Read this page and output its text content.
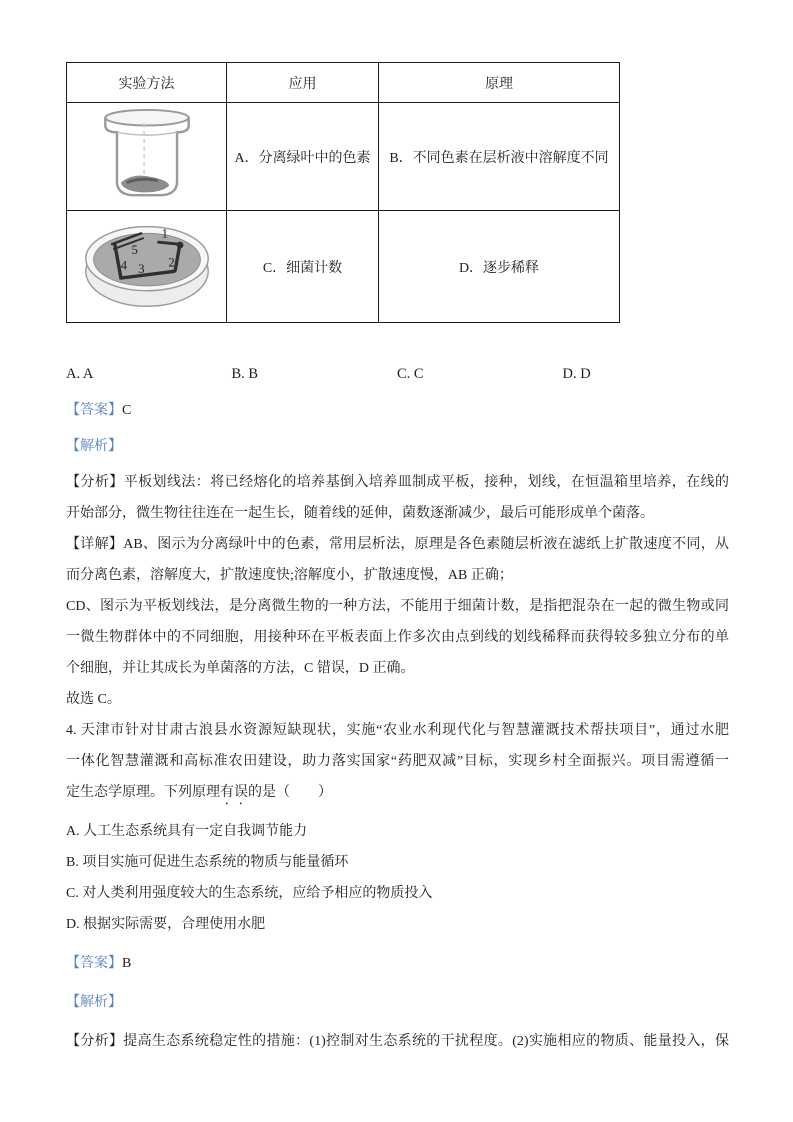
实验方法	应用	原理
	A．分离绿叶中的色素	B．不同色素在层析液中溶解度不同

1
2
3
4
5	C．细菌计数	D．逐步稀释
A. A	B. B	C. C	D. D
【答案】C
【解析】
【分析】平板划线法：将已经熔化的培养基倒入培养皿制成平板，接种，划线，在恒温箱里培养，在线的
开始部分，微生物往往连在一起生长，随着线的延伸，菌数逐渐减少，最后可能形成单个菌落。
【详解】AB、图示为分离绿叶中的色素，常用层析法，原理是各色素随层析液在滤纸上扩散速度不同，从
而分离色素，溶解度大，扩散速度快;溶解度小，扩散速度慢，AB 正确；
CD、图示为平板划线法，是分离微生物的一种方法，不能用于细菌计数，是指把混杂在一起的微生物或同
一微生物群体中的不同细胞，用接种环在平板表面上作多次由点到线的划线稀释而获得较多独立分布的单
个细胞，并让其成长为单菌落的方法，C 错误，D 正确。
故选 C。
4. 天津市针对甘肃古浪县水资源短缺现状，实施“农业水利现代化与智慧灌溉技术帮扶项目”，通过水肥
一体化智慧灌溉和高标准农田建设，助力落实国家“药肥双减”目标，实现乡村全面振兴。项目需遵循一
定生态学原理。下列原理有误的是（　　）
A. 人工生态系统具有一定自我调节能力
B. 项目实施可促进生态系统的物质与能量循环
C. 对人类利用强度较大的生态系统，应给予相应的物质投入
D. 根据实际需要，合理使用水肥
【答案】B
【解析】
【分析】提高生态系统稳定性的措施：(1)控制对生态系统的干扰程度。(2)实施相应的物质、能量投入，保
